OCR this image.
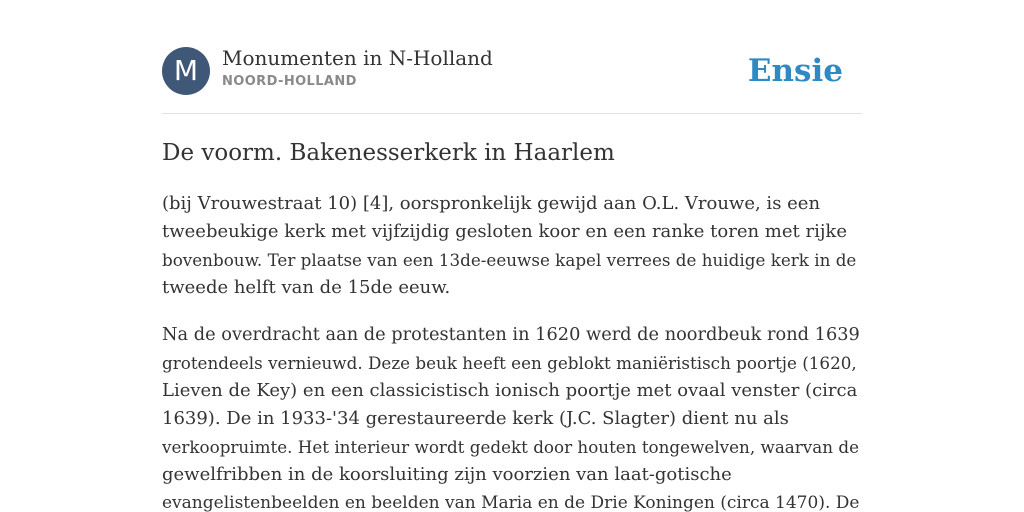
M	Monumenten in N-Holland
NOORD-HOLLAND	Ensie
De voorm. Bakenesserkerk in Haarlem

(bij Vrouwestraat 10) [4], oorspronkelijk gewijd aan O.L. Vrouwe, is een
tweebeukige kerk met vijfzijdig gesloten koor en een ranke toren met rijke
bovenbouw. Ter plaatse van een 13de-eeuwse kapel verrees de huidige kerk in de
tweede helft van de 15de eeuw.

Na de overdracht aan de protestanten in 1620 werd de noordbeuk rond 1639
grotendeels vernieuwd. Deze beuk heeft een geblokt maniëristisch poortje (1620,
Lieven de Key) en een classicistisch ionisch poortje met ovaal venster (circa
1639). De in 1933-'34 gerestaureerde kerk (J.C. Slagter) dient nu als
verkoopruimte. Het interieur wordt gedekt door houten tongewelven, waarvan de
gewelfribben in de koorsluiting zijn voorzien van laat-gotische
evangelistenbeelden en beelden van Maria en de Drie Koningen (circa 1470). De
